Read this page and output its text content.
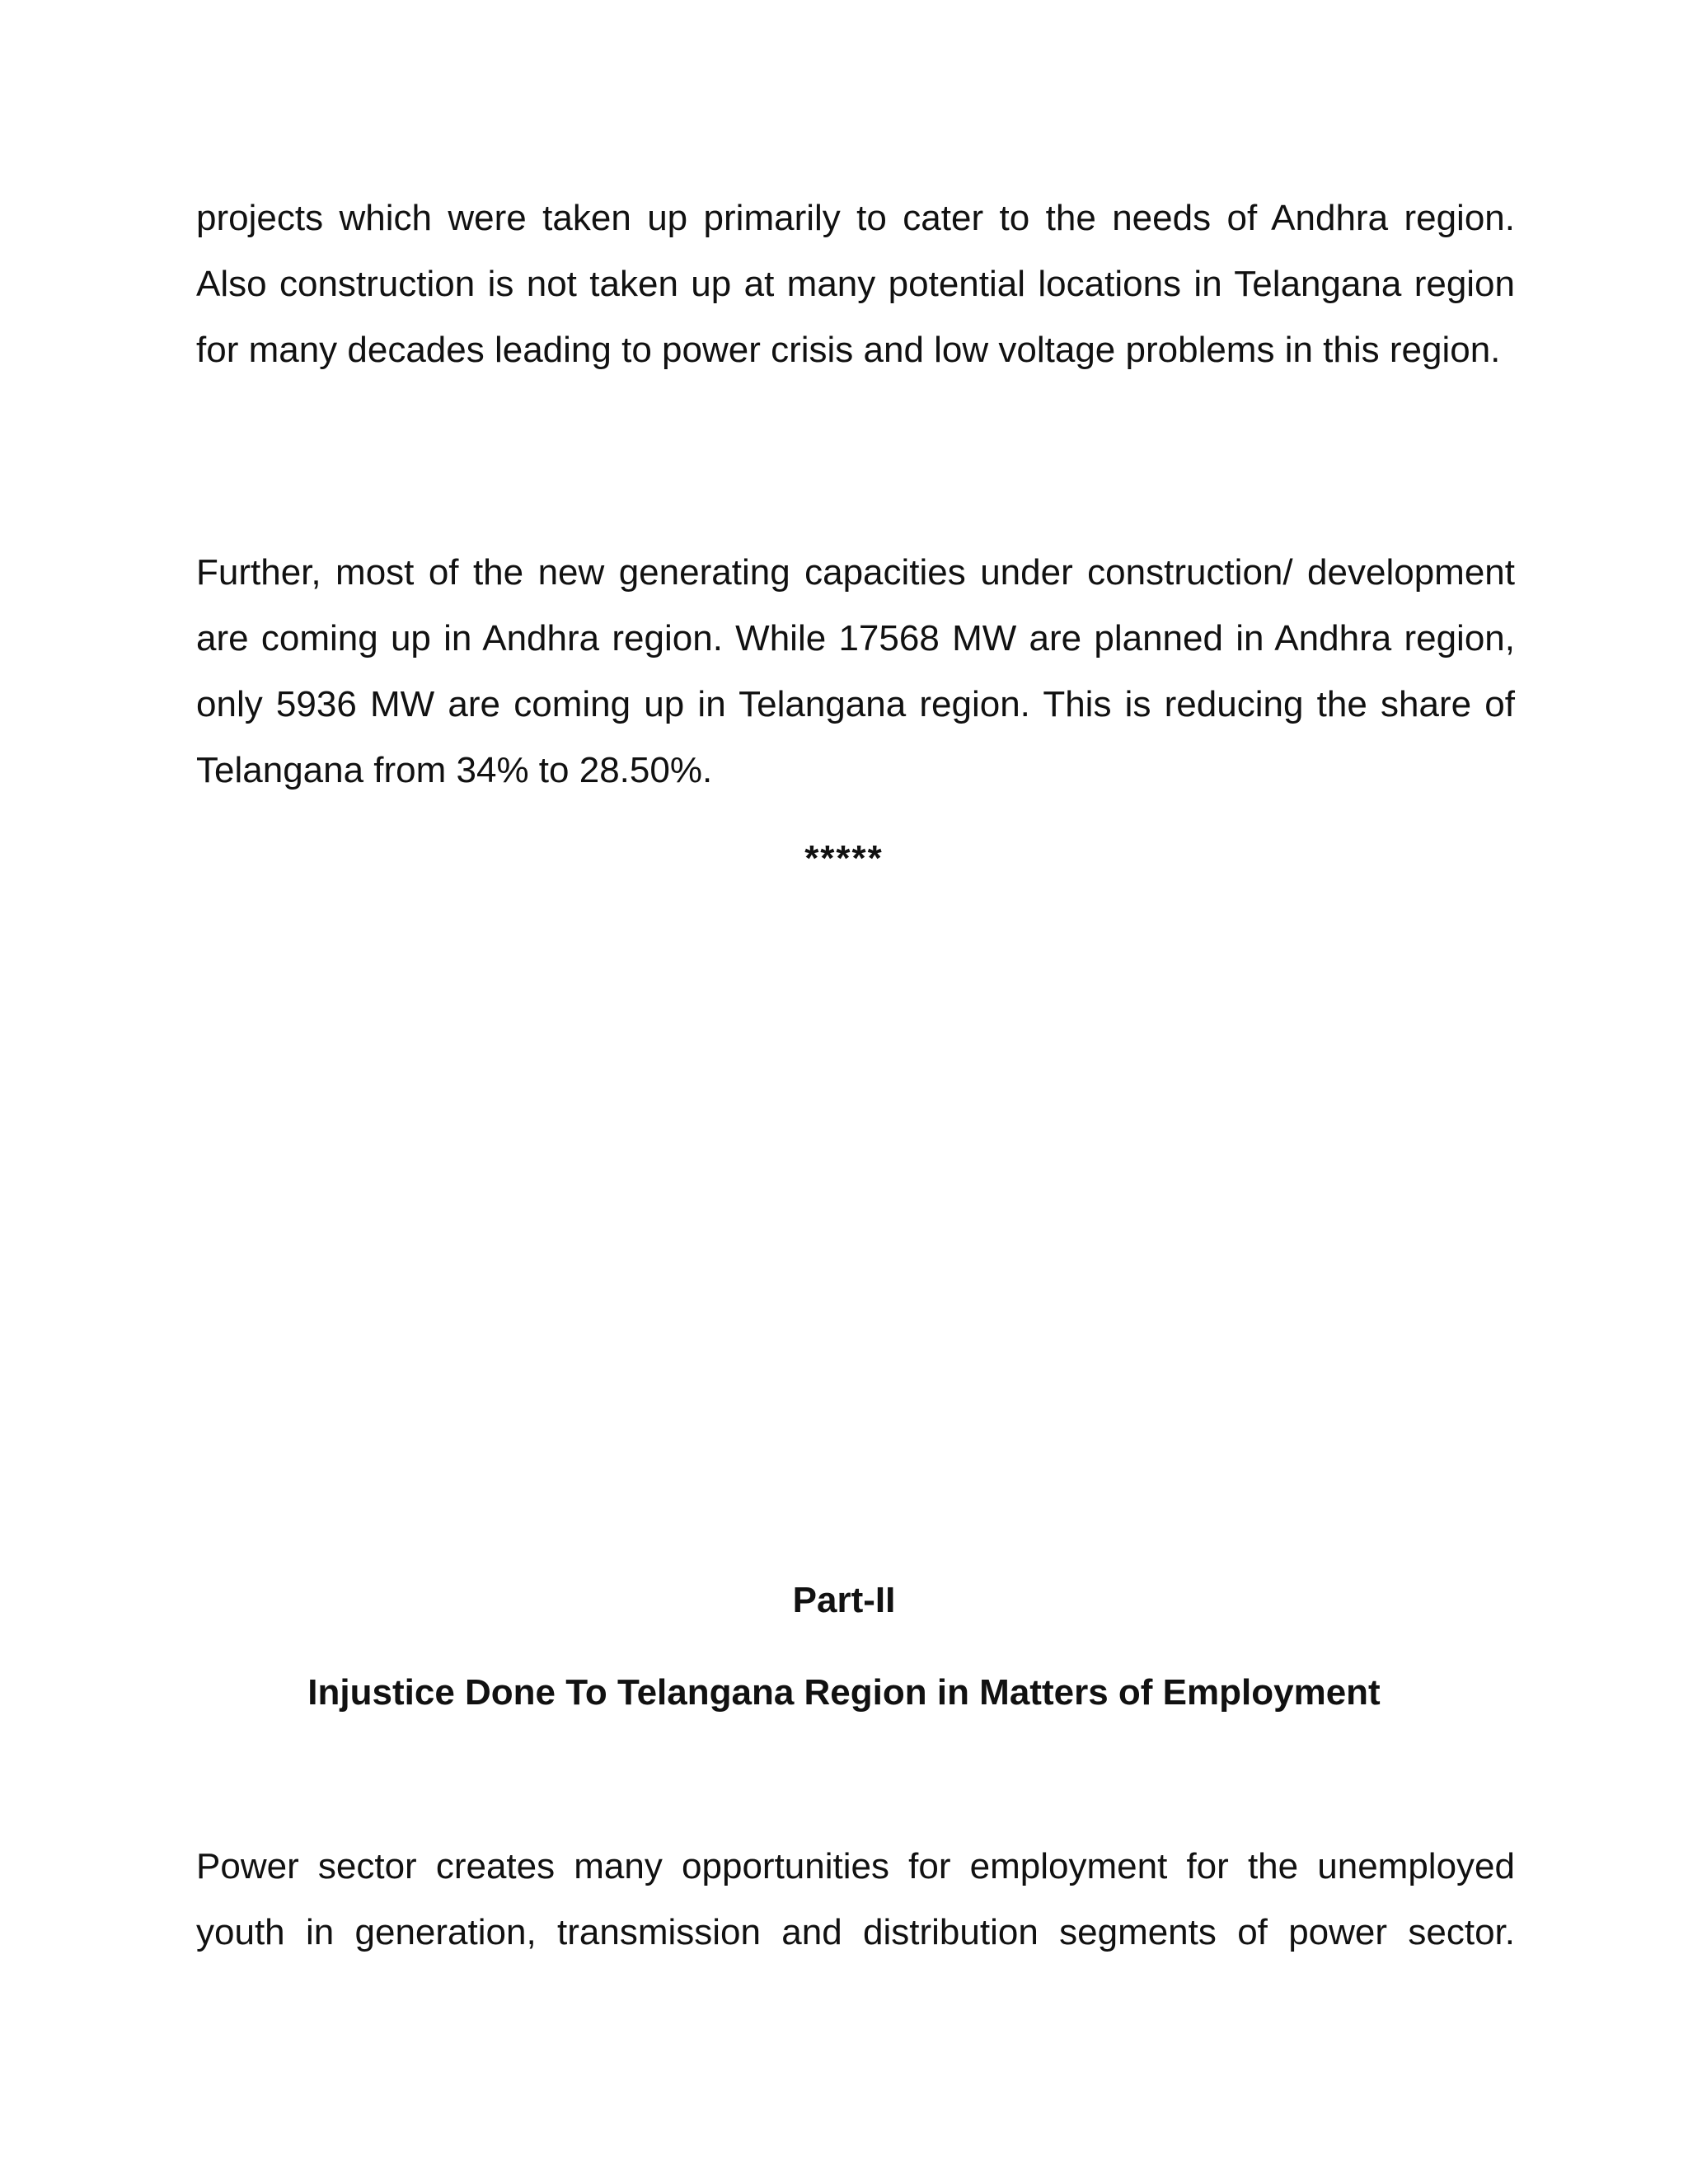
projects which were taken up primarily to cater to the needs of Andhra region. Also construction is not taken up at many potential locations in Telangana region for many decades leading to power crisis and low voltage problems in this region.

Further, most of the new generating capacities under construction/ development are coming up in Andhra region. While 17568 MW are planned in Andhra region, only 5936 MW are coming up in Telangana region. This is reducing the share of Telangana from 34% to 28.50%.

*****

Part-II

Injustice Done To Telangana Region in Matters of Employment

Power sector creates many opportunities for employment for the unemployed youth in generation, transmission and distribution segments of power sector.
